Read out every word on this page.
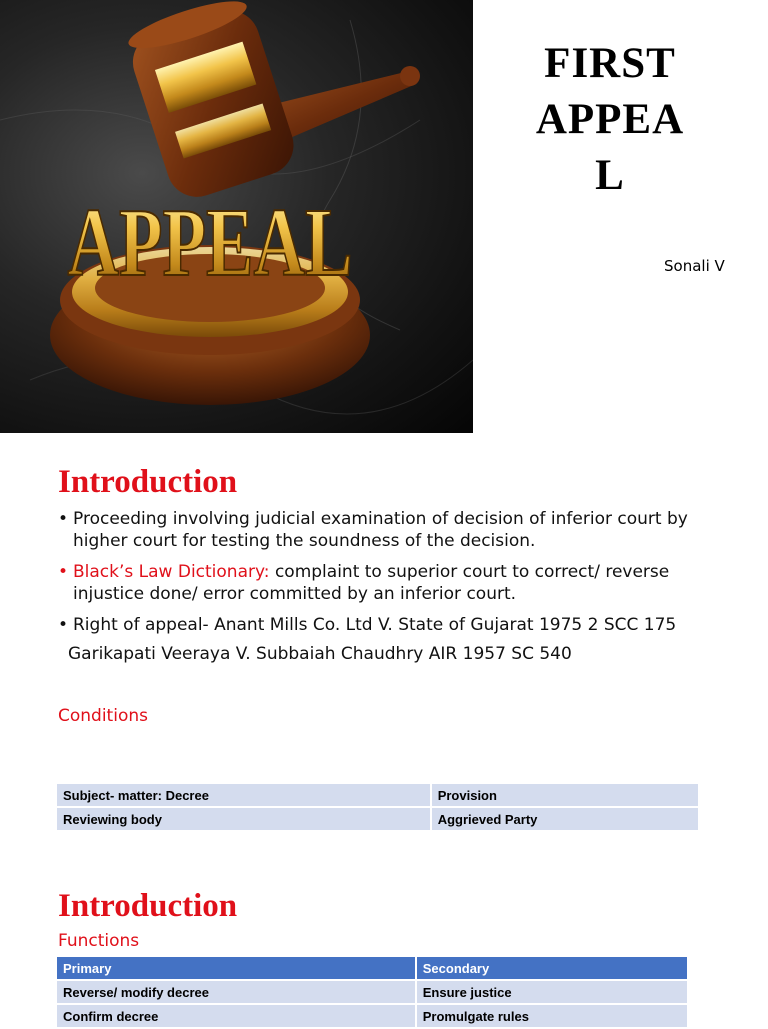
APPEAL
FIRST
APPEA
L
Sonali V
Introduction
• Proceeding involving judicial examination of decision of inferior court by higher court for testing the soundness of the decision.
• Black’s Law Dictionary: complaint to superior court to correct/ reverse injustice done/ error committed by an inferior court.
• Right of appeal- Anant Mills Co. Ltd V. State of Gujarat 1975 2 SCC 175
Garikapati Veeraya V. Subbaiah Chaudhry AIR 1957 SC 540
Conditions
Subject- matter: Decree	Provision
Reviewing body	Aggrieved Party
Introduction
Functions
Primary	Secondary
Reverse/ modify decree	Ensure justice
Confirm decree	Promulgate rules
